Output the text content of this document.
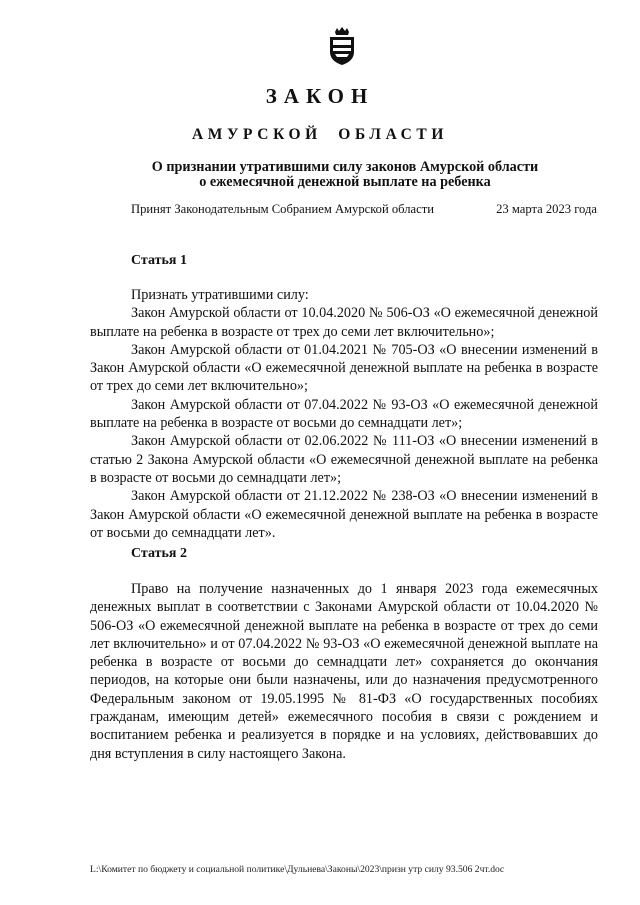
ЗАКОН
АМУРСКОЙ ОБЛАСТИ
О признании утратившими силу законов Амурской области
о ежемесячной денежной выплате на ребенка
Принят Законодательным Собранием Амурской области	23 марта 2023 года
Статья 1

Признать утратившими силу:

Закон Амурской области от 10.04.2020 № 506-ОЗ «О ежемесячной денежной выплате на ребенка в возрасте от трех до семи лет включительно»;

Закон Амурской области от 01.04.2021 № 705-ОЗ «О внесении изменений в Закон Амурской области «О ежемесячной денежной выплате на ребенка в возрасте от трех до семи лет включительно»;

Закон Амурской области от 07.04.2022 № 93-ОЗ «О ежемесячной денежной выплате на ребенка в возрасте от восьми до семнадцати лет»;

Закон Амурской области от 02.06.2022 № 111-ОЗ «О внесении изменений в статью 2 Закона Амурской области «О ежемесячной денежной выплате на ребенка в возрасте от восьми до семнадцати лет»;

Закон Амурской области от 21.12.2022 № 238-ОЗ «О внесении изменений в Закон Амурской области «О ежемесячной денежной выплате на ребенка в возрасте от восьми до семнадцати лет».

Статья 2

Право на получение назначенных до 1 января 2023 года ежемесячных денежных выплат в соответствии с Законами Амурской области от 10.04.2020 № 506-ОЗ «О ежемесячной денежной выплате на ребенка в возрасте от трех до семи лет включительно» и от 07.04.2022 № 93-ОЗ «О ежемесячной денежной выплате на ребенка в возрасте от восьми до семнадцати лет» сохраняется до окончания периодов, на которые они были назначены, или до назначения предусмотренного Федеральным законом от 19.05.1995 № 81-ФЗ «О государственных пособиях гражданам, имеющим детей» ежемесячного пособия в связи с рождением и воспитанием ребенка и реализуется в порядке и на условиях, действовавших до дня вступления в силу настоящего Закона.

L:\Комитет по бюджету и социальной политике\Дульнева\Законы\2023\призн утр силу 93.506 2чт.doc
